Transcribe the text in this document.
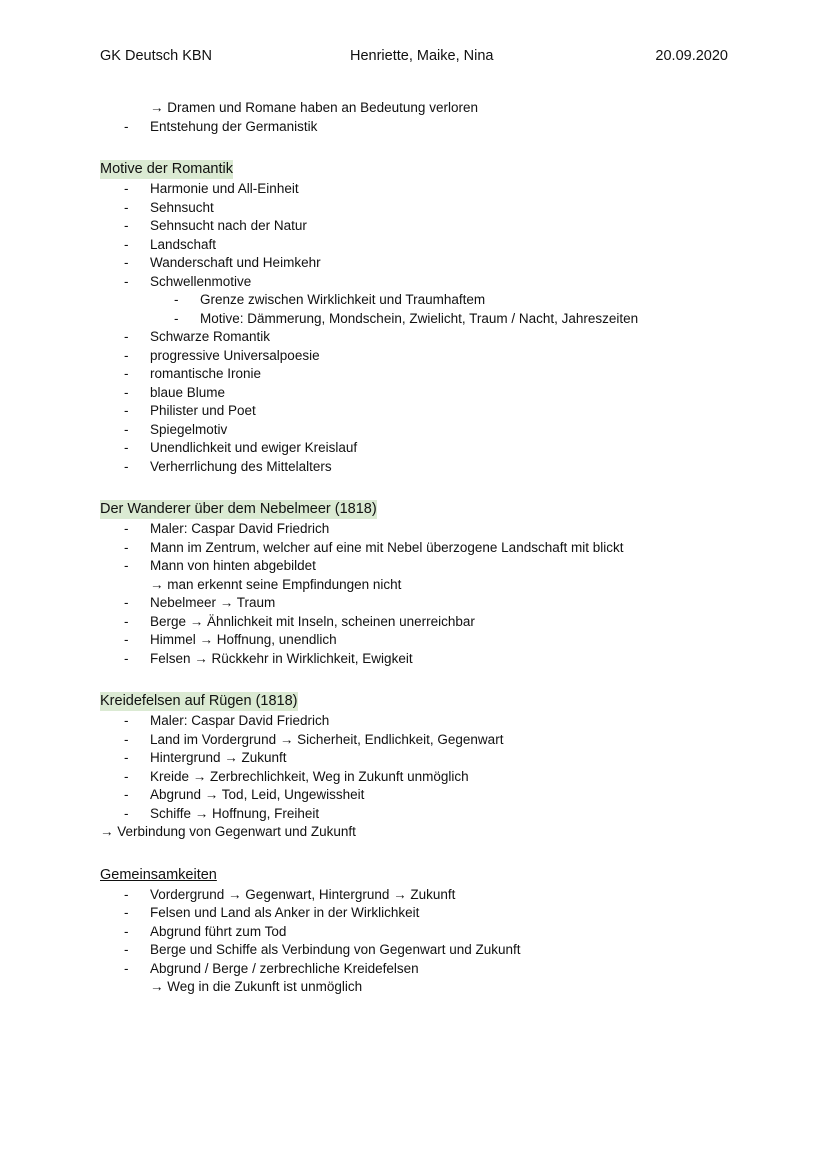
GK Deutsch KBN	Henriette, Maike, Nina	20.09.2020
→ Dramen und Romane haben an Bedeutung verloren
- Entstehung der Germanistik
Motive der Romantik
- Harmonie und All-Einheit
- Sehnsucht
- Sehnsucht nach der Natur
- Landschaft
- Wanderschaft und Heimkehr
- Schwellenmotive
- Grenze zwischen Wirklichkeit und Traumhaftem
- Motive: Dämmerung, Mondschein, Zwielicht, Traum / Nacht, Jahreszeiten
- Schwarze Romantik
- progressive Universalpoesie
- romantische Ironie
- blaue Blume
- Philister und Poet
- Spiegelmotiv
- Unendlichkeit und ewiger Kreislauf
- Verherrlichung des Mittelalters
Der Wanderer über dem Nebelmeer (1818)
- Maler: Caspar David Friedrich
- Mann im Zentrum, welcher auf eine mit Nebel überzogene Landschaft mit blickt
- Mann von hinten abgebildet
→ man erkennt seine Empfindungen nicht
- Nebelmeer → Traum
- Berge → Ähnlichkeit mit Inseln, scheinen unerreichbar
- Himmel → Hoffnung, unendlich
- Felsen → Rückkehr in Wirklichkeit, Ewigkeit
Kreidefelsen auf Rügen (1818)
- Maler: Caspar David Friedrich
- Land im Vordergrund → Sicherheit, Endlichkeit, Gegenwart
- Hintergrund → Zukunft
- Kreide → Zerbrechlichkeit, Weg in Zukunft unmöglich
- Abgrund → Tod, Leid, Ungewissheit
- Schiffe → Hoffnung, Freiheit
→ Verbindung von Gegenwart und Zukunft
Gemeinsamkeiten
- Vordergrund → Gegenwart, Hintergrund → Zukunft
- Felsen und Land als Anker in der Wirklichkeit
- Abgrund führt zum Tod
- Berge und Schiffe als Verbindung von Gegenwart und Zukunft
- Abgrund / Berge / zerbrechliche Kreidefelsen
→ Weg in die Zukunft ist unmöglich
